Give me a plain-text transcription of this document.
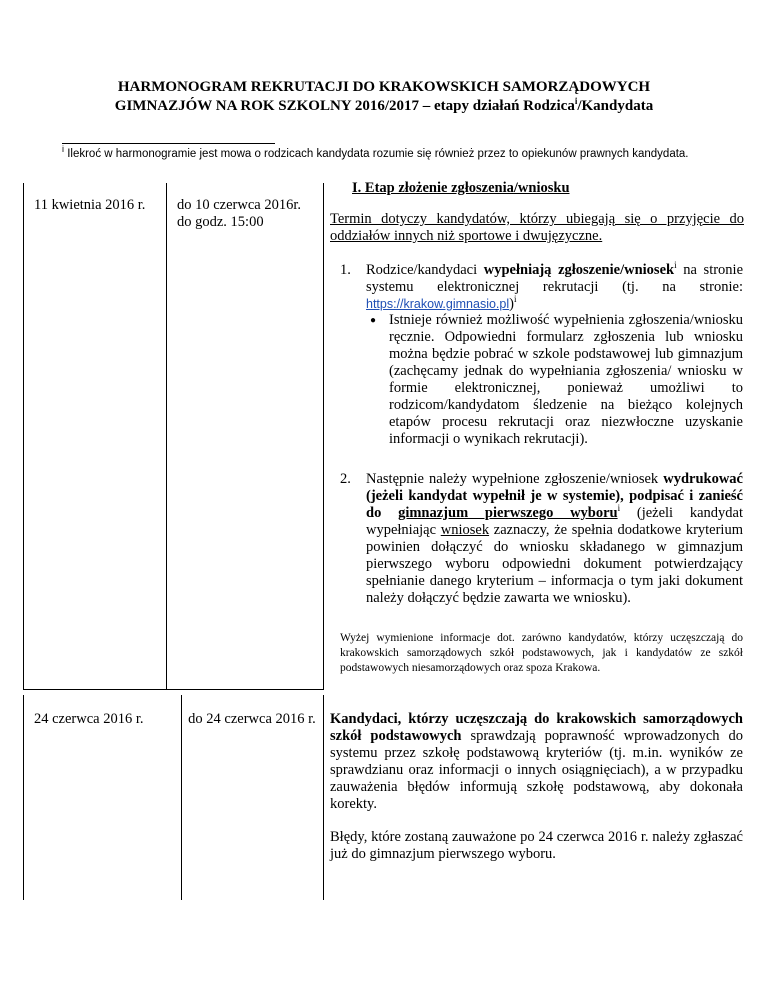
HARMONOGRAM REKRUTACJI DO KRAKOWSKICH SAMORZĄDOWYCH
GIMNAZJÓW NA ROK SZKOLNY 2016/2017 – etapy działań Rodzica$^i$/Kandydata
$^i$ Ilekroć w harmonogramie jest mowa o rodzicach kandydata rozumie się również przez to opiekunów prawnych kandydata.
11 kwietnia 2016 r. do 10 czerwca 2016r.
do godz. 15:00
I. Etap złożenie zgłoszenia/wniosku
Termin dotyczy kandydatów, którzy ubiegają się o przyjęcie do oddziałów innych niż sportowe i dwujęzyczne.
1. Rodzice/kandydaci wypełniają zgłoszenie/wniosek$^i$ na stronie systemu elektronicznej rekrutacji (tj. na stronie: https://krakow.gimnasio.pl)$^i$
● Istnieje również możliwość wypełnienia zgłoszenia/wniosku ręcznie. Odpowiedni formularz zgłoszenia lub wniosku można będzie pobrać w szkole podstawowej lub gimnazjum (zachęcamy jednak do wypełniania zgłoszenia/ wniosku w formie elektronicznej, ponieważ umożliwi to rodzicom/kandydatom śledzenie na bieżąco kolejnych etapów procesu rekrutacji oraz niezwłoczne uzyskanie informacji o wynikach rekrutacji).
2. Następnie należy wypełnione zgłoszenie/wniosek wydrukować (jeżeli kandydat wypełnił je w systemie), podpisać i zanieść do gimnazjum pierwszego wyboru$^i$ (jeżeli kandydat wypełniając wniosek zaznaczy, że spełnia dodatkowe kryterium powinien dołączyć do wniosku składanego w gimnazjum pierwszego wyboru odpowiedni dokument potwierdzający spełnianie danego kryterium – informacja o tym jaki dokument należy dołączyć będzie zawarta we wniosku).
Wyżej wymienione informacje dot. zarówno kandydatów, którzy uczęszczają do krakowskich samorządowych szkół podstawowych, jak i kandydatów ze szkół podstawowych niesamorządowych oraz spoza Krakowa.
24 czerwca 2016 r.	do 24 czerwca 2016 r. Kandydaci, którzy uczęszczają do krakowskich samorządowych szkół podstawowych sprawdzają poprawność wprowadzonych do systemu przez szkołę podstawową kryteriów (tj. m.in. wyników ze sprawdzianu oraz informacji o innych osiągnięciach), a w przypadku zauważenia błędów informują szkołę podstawową, aby dokonała korekty.
Błędy, które zostaną zauważone po 24 czerwca 2016 r. należy zgłaszać już do gimnazjum pierwszego wyboru.
